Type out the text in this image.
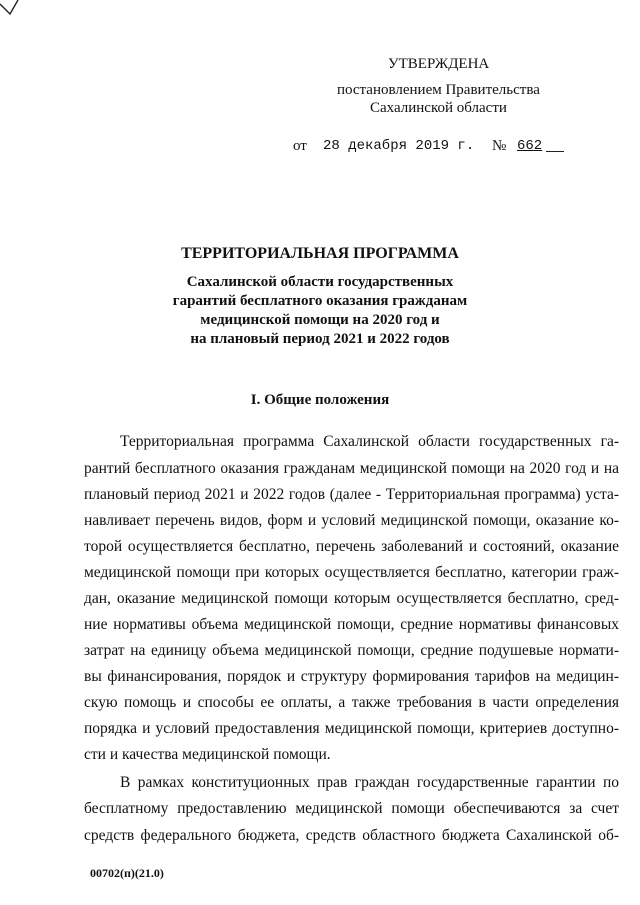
УТВЕРЖДЕНА
постановлением Правительства
Сахалинской области
от 28 декабря 2019 г. № 662
ТЕРРИТОРИАЛЬНАЯ ПРОГРАММА
Сахалинской области государственных
гарантий бесплатного оказания гражданам
медицинской помощи на 2020 год и
на плановый период 2021 и 2022 годов
I. Общие положения
Территориальная программа Сахалинской области государственных га-
рантий бесплатного оказания гражданам медицинской помощи на 2020 год и на
плановый период 2021 и 2022 годов (далее - Территориальная программа) уста-
навливает перечень видов, форм и условий медицинской помощи, оказание ко-
торой осуществляется бесплатно, перечень заболеваний и состояний, оказание
медицинской помощи при которых осуществляется бесплатно, категории граж-
дан, оказание медицинской помощи которым осуществляется бесплатно, сред-
ние нормативы объема медицинской помощи, средние нормативы финансовых
затрат на единицу объема медицинской помощи, средние подушевые нормати-
вы финансирования, порядок и структуру формирования тарифов на медицин-
скую помощь и способы ее оплаты, а также требования в части определения
порядка и условий предоставления медицинской помощи, критериев доступно-
сти и качества медицинской помощи.
В рамках конституционных прав граждан государственные гарантии по
бесплатному предоставлению медицинской помощи обеспечиваются за счет
средств федерального бюджета, средств областного бюджета Сахалинской об-
00702(п)(21.0)
